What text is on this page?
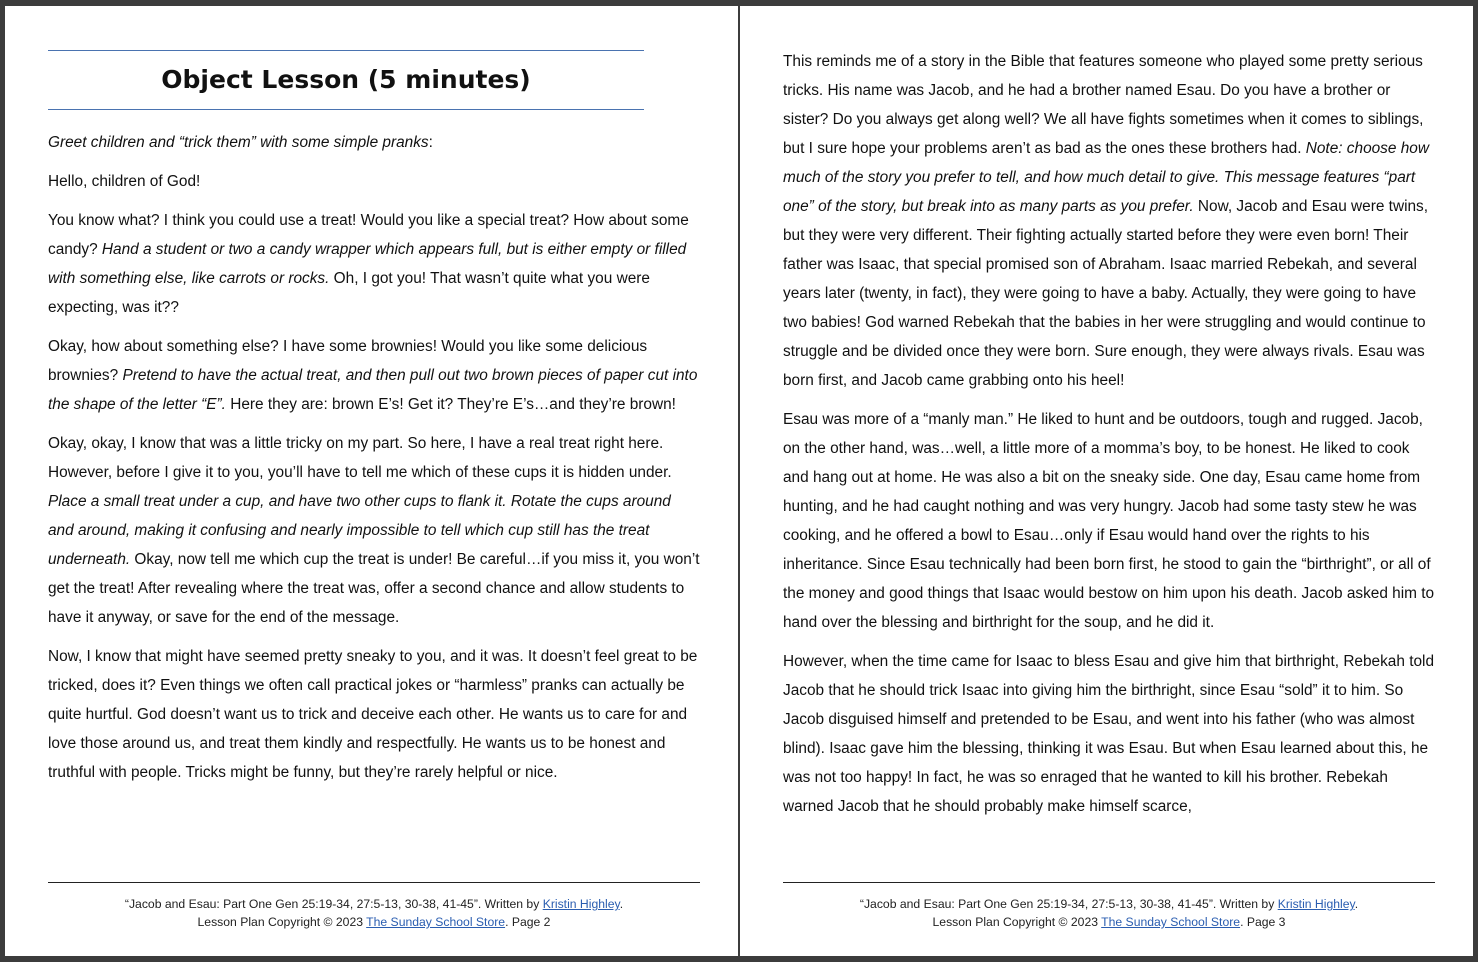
Object Lesson (5 minutes)

Greet children and “trick them” with some simple pranks:

Hello, children of God!

You know what? I think you could use a treat! Would you like a special treat? How about some candy? Hand a student or two a candy wrapper which appears full, but is either empty or filled with something else, like carrots or rocks. Oh, I got you! That wasn’t quite what you were expecting, was it??

Okay, how about something else? I have some brownies! Would you like some delicious brownies? Pretend to have the actual treat, and then pull out two brown pieces of paper cut into the shape of the letter “E”. Here they are: brown E’s! Get it? They’re E’s…and they’re brown!

Okay, okay, I know that was a little tricky on my part. So here, I have a real treat right here. However, before I give it to you, you’ll have to tell me which of these cups it is hidden under. Place a small treat under a cup, and have two other cups to flank it. Rotate the cups around and around, making it confusing and nearly impossible to tell which cup still has the treat underneath. Okay, now tell me which cup the treat is under! Be careful…if you miss it, you won’t get the treat! After revealing where the treat was, offer a second chance and allow students to have it anyway, or save for the end of the message.

Now, I know that might have seemed pretty sneaky to you, and it was. It doesn’t feel great to be tricked, does it? Even things we often call practical jokes or “harmless” pranks can actually be quite hurtful. God doesn’t want us to trick and deceive each other. He wants us to care for and love those around us, and treat them kindly and respectfully. He wants us to be honest and truthful with people. Tricks might be funny, but they’re rarely helpful or nice.

“Jacob and Esau: Part One Gen 25:19-34, 27:5-13, 30-38, 41-45”. Written by Kristin Highley.
Lesson Plan Copyright © 2023 The Sunday School Store. Page 2

This reminds me of a story in the Bible that features someone who played some pretty serious tricks. His name was Jacob, and he had a brother named Esau. Do you have a brother or sister? Do you always get along well? We all have fights sometimes when it comes to siblings, but I sure hope your problems aren’t as bad as the ones these brothers had. Note: choose how much of the story you prefer to tell, and how much detail to give. This message features “part one” of the story, but break into as many parts as you prefer. Now, Jacob and Esau were twins, but they were very different. Their fighting actually started before they were even born! Their father was Isaac, that special promised son of Abraham. Isaac married Rebekah, and several years later (twenty, in fact), they were going to have a baby. Actually, they were going to have two babies! God warned Rebekah that the babies in her were struggling and would continue to struggle and be divided once they were born. Sure enough, they were always rivals. Esau was born first, and Jacob came grabbing onto his heel!

Esau was more of a “manly man.” He liked to hunt and be outdoors, tough and rugged. Jacob, on the other hand, was…well, a little more of a momma’s boy, to be honest. He liked to cook and hang out at home. He was also a bit on the sneaky side. One day, Esau came home from hunting, and he had caught nothing and was very hungry. Jacob had some tasty stew he was cooking, and he offered a bowl to Esau…only if Esau would hand over the rights to his inheritance. Since Esau technically had been born first, he stood to gain the “birthright”, or all of the money and good things that Isaac would bestow on him upon his death. Jacob asked him to hand over the blessing and birthright for the soup, and he did it.

However, when the time came for Isaac to bless Esau and give him that birthright, Rebekah told Jacob that he should trick Isaac into giving him the birthright, since Esau “sold” it to him. So Jacob disguised himself and pretended to be Esau, and went into his father (who was almost blind). Isaac gave him the blessing, thinking it was Esau. But when Esau learned about this, he was not too happy! In fact, he was so enraged that he wanted to kill his brother. Rebekah warned Jacob that he should probably make himself scarce,

“Jacob and Esau: Part One Gen 25:19-34, 27:5-13, 30-38, 41-45”. Written by Kristin Highley.
Lesson Plan Copyright © 2023 The Sunday School Store. Page 3
